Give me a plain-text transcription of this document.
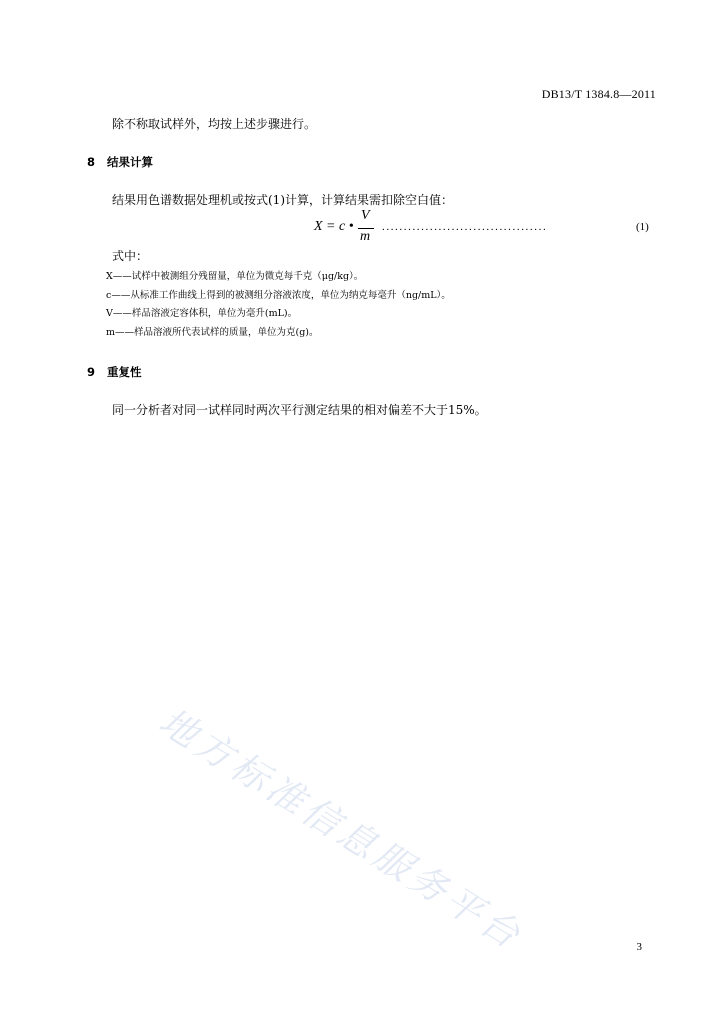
DB13/T 1384.8—2011
除不称取试样外，均按上述步骤进行。
8 结果计算
结果用色谱数据处理机或按式(1)计算，计算结果需扣除空白值：
X = c •
V
m
......................................	(1)
式中：
X——试样中被测组分残留量，单位为微克每千克（μg/kg）。
c——从标准工作曲线上得到的被测组分溶液浓度，单位为纳克每毫升（ng/mL）。
V——样品溶液定容体积，单位为毫升(mL)。
m——样品溶液所代表试样的质量，单位为克(g)。
9 重复性
同一分析者对同一试样同时两次平行测定结果的相对偏差不大于15%。
地方标准信息服务平台	3
